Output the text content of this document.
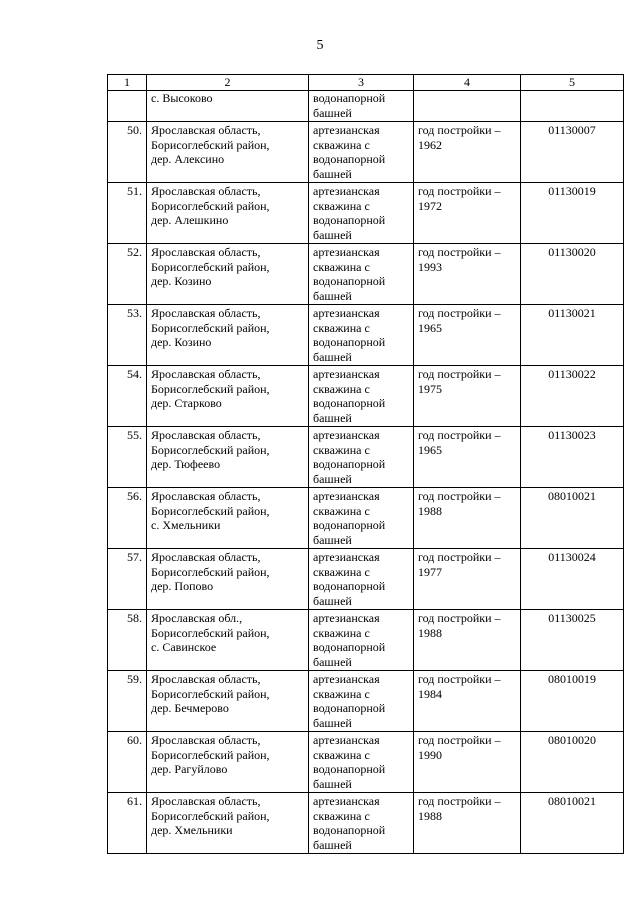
5
1	2	3	4	5

	с. Высоково	водонапорной
башней		

50.	Ярославская область,
Борисоглебский район,
дер. Алексино	артезианская
скважина с
водонапорной
башней	год постройки –
1962	01130007
51.	Ярославская область,
Борисоглебский район,
дер. Алешкино	артезианская
скважина с
водонапорной
башней	год постройки –
1972	01130019
52.	Ярославская область,
Борисоглебский район,
дер. Козино	артезианская
скважина с
водонапорной
башней	год постройки –
1993	01130020
53.	Ярославская область,
Борисоглебский район,
дер. Козино	артезианская
скважина с
водонапорной
башней	год постройки –
1965	01130021
54.	Ярославская область,
Борисоглебский район,
дер. Старково	артезианская
скважина с
водонапорной
башней	год постройки –
1975	01130022
55.	Ярославская область,
Борисоглебский район,
дер. Тюфеево	артезианская
скважина с
водонапорной
башней	год постройки –
1965	01130023
56.	Ярославская область,
Борисоглебский район,
с. Хмельники	артезианская
скважина с
водонапорной
башней	год постройки –
1988	08010021
57.	Ярославская область,
Борисоглебский район,
дер. Попово	артезианская
скважина с
водонапорной
башней	год постройки –
1977	01130024
58.	Ярославская обл.,
Борисоглебский район,
с. Савинское	артезианская
скважина с
водонапорной
башней	год постройки –
1988	01130025
59.	Ярославская область,
Борисоглебский район,
дер. Бечмерово	артезианская
скважина с
водонапорной
башней	год постройки –
1984	08010019
60.	Ярославская область,
Борисоглебский район,
дер. Рагуйлово	артезианская
скважина с
водонапорной
башней	год постройки –
1990	08010020
61.	Ярославская область,
Борисоглебский район,
дер. Хмельники	артезианская
скважина с
водонапорной
башней	год постройки –
1988	08010021
